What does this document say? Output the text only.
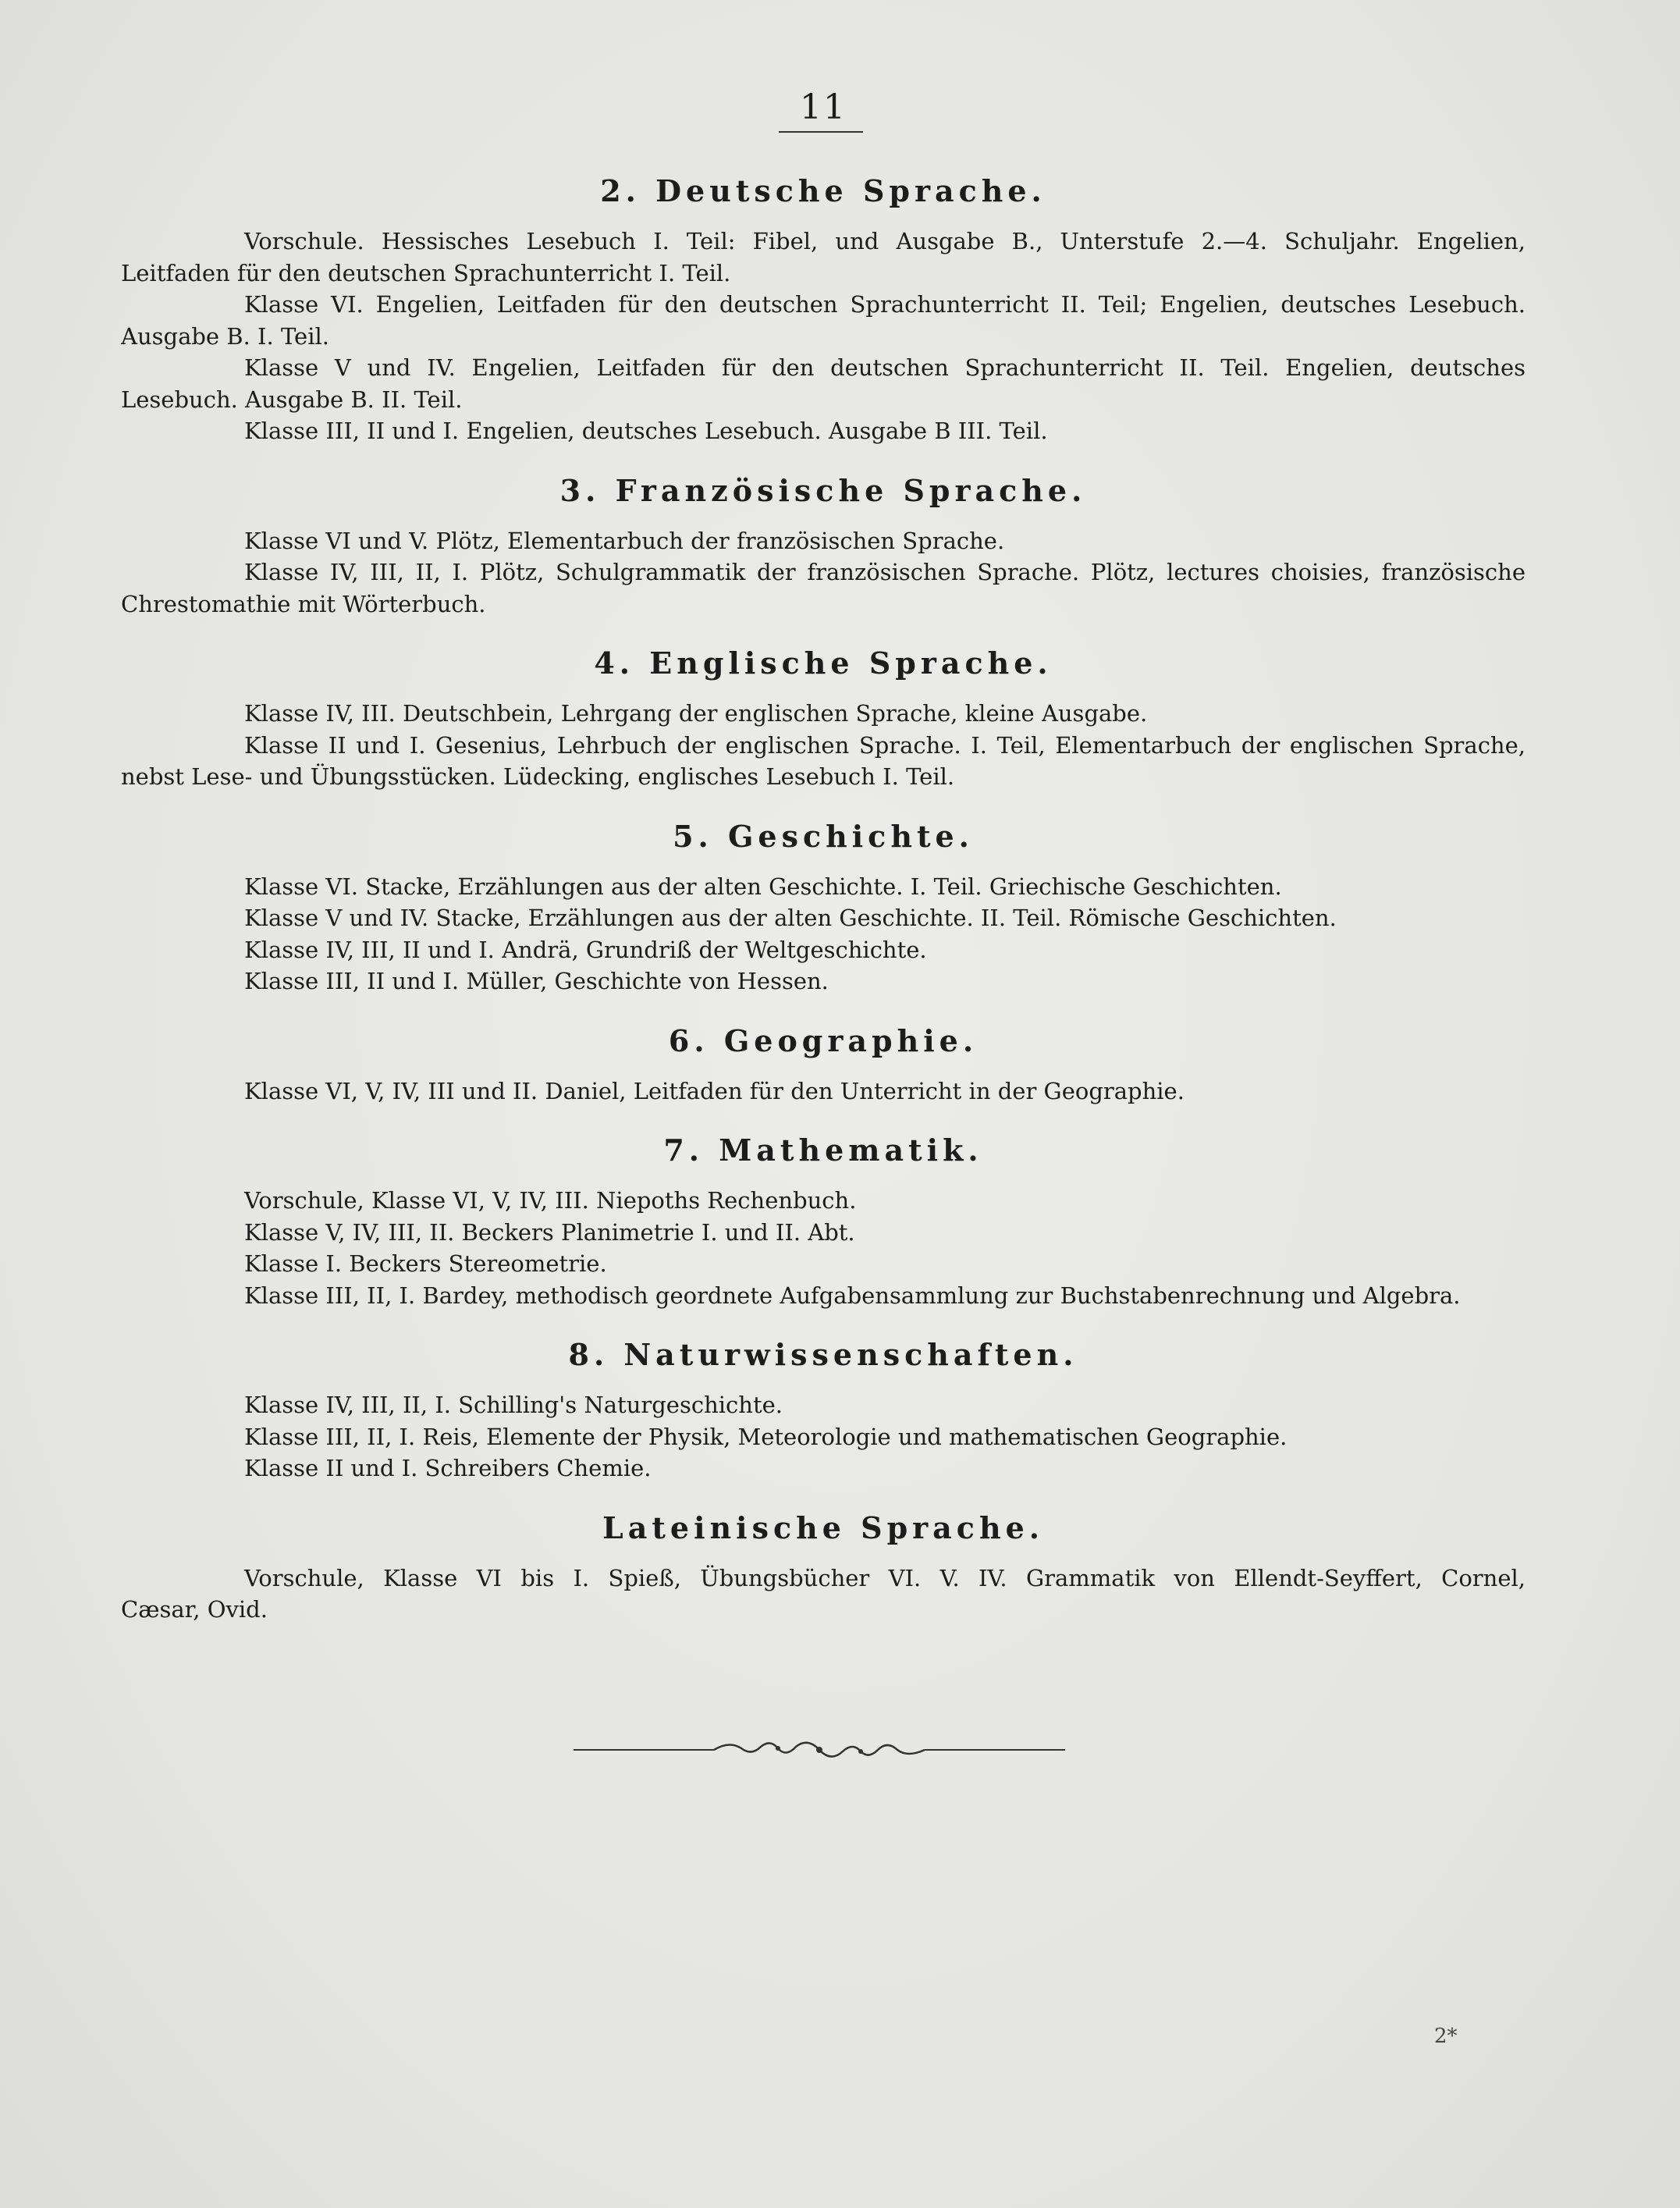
11
2. Deutsche Sprache.
Vorschule. Hessisches Lesebuch I. Teil: Fibel, und Ausgabe B., Unterstufe 2.—4. Schuljahr. Engelien,
Leitfaden für den deutschen Sprachunterricht I. Teil.
Klasse VI. Engelien, Leitfaden für den deutschen Sprachunterricht II. Teil; Engelien, deutsches Lesebuch.
Ausgabe B. I. Teil.
Klasse V und IV. Engelien, Leitfaden für den deutschen Sprachunterricht II. Teil. Engelien, deutsches
Lesebuch. Ausgabe B. II. Teil.
Klasse III, II und I. Engelien, deutsches Lesebuch. Ausgabe B III. Teil.
3. Französische Sprache.
Klasse VI und V. Plötz, Elementarbuch der französischen Sprache.
Klasse IV, III, II, I. Plötz, Schulgrammatik der französischen Sprache. Plötz, lectures choisies, französische
Chrestomathie mit Wörterbuch.
4. Englische Sprache.
Klasse IV, III. Deutschbein, Lehrgang der englischen Sprache, kleine Ausgabe.
Klasse II und I. Gesenius, Lehrbuch der englischen Sprache. I. Teil, Elementarbuch der englischen Sprache,
nebst Lese- und Übungsstücken. Lüdecking, englisches Lesebuch I. Teil.
5. Geschichte.
Klasse VI. Stacke, Erzählungen aus der alten Geschichte. I. Teil. Griechische Geschichten.
Klasse V und IV. Stacke, Erzählungen aus der alten Geschichte. II. Teil. Römische Geschichten.
Klasse IV, III, II und I. Andrä, Grundriß der Weltgeschichte.
Klasse III, II und I. Müller, Geschichte von Hessen.
6. Geographie.
Klasse VI, V, IV, III und II. Daniel, Leitfaden für den Unterricht in der Geographie.
7. Mathematik.
Vorschule, Klasse VI, V, IV, III. Niepoths Rechenbuch.
Klasse V, IV, III, II. Beckers Planimetrie I. und II. Abt.
Klasse I. Beckers Stereometrie.
Klasse III, II, I. Bardey, methodisch geordnete Aufgabensammlung zur Buchstabenrechnung und Algebra.
8. Naturwissenschaften.
Klasse IV, III, II, I. Schilling's Naturgeschichte.
Klasse III, II, I. Reis, Elemente der Physik, Meteorologie und mathematischen Geographie.
Klasse II und I. Schreibers Chemie.
Lateinische Sprache.
Vorschule, Klasse VI bis I. Spieß, Übungsbücher VI. V. IV. Grammatik von Ellendt-Seyffert, Cornel,
Cæsar, Ovid.
2*
